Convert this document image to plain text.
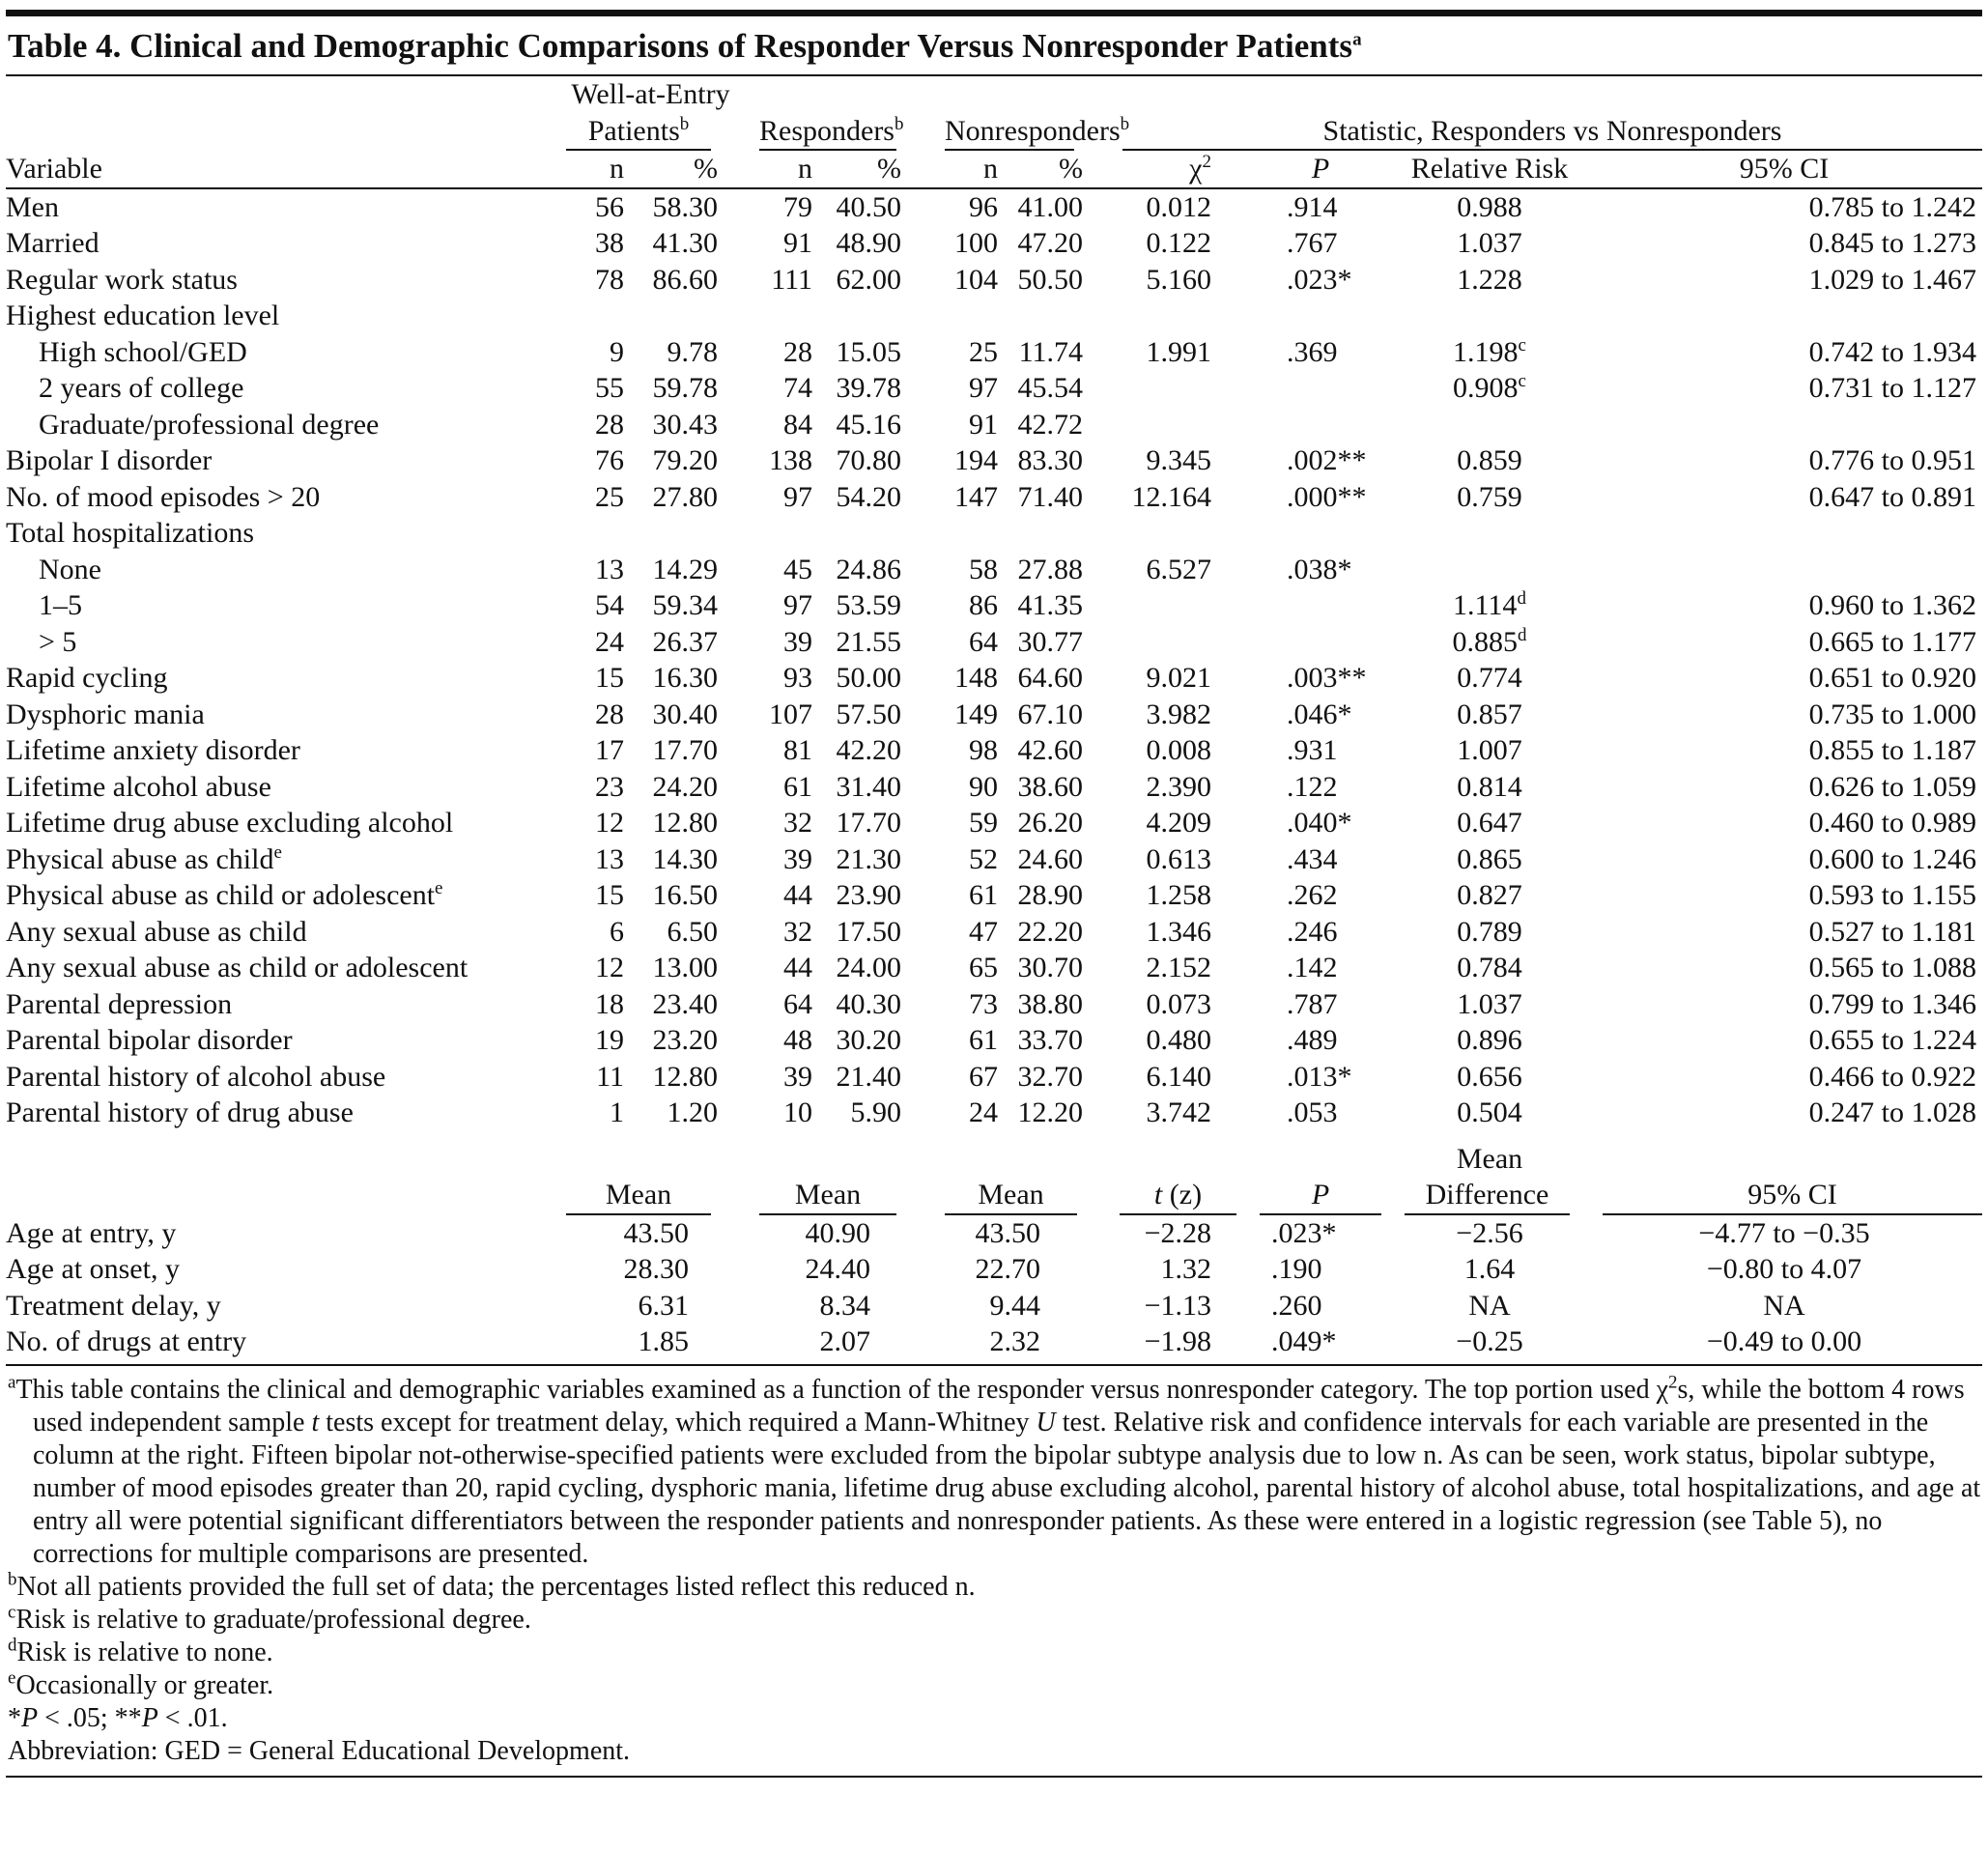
Table 4. Clinical and Demographic Comparisons of Responder Versus Nonresponder Patients$^a$
	Well-at-Entry									
	Patients$^b$		Responders$^b$		Nonresponders$^b$		Statistic, Responders vs Nonresponders			
Variable	n	%	n	%	n	%	$\chi^2$	P	Relative Risk	95% CI
Men	56	58.30	79	40.50	96	41.00	0.012	.914	0.988	0.785 to 1.242
Married	38	41.30	91	48.90	100	47.20	0.122	.767	1.037	0.845 to 1.273
Regular work status	78	86.60	111	62.00	104	50.50	5.160	.023*	1.228	1.029 to 1.467
Highest education level										
High school/GED	9	9.78	28	15.05	25	11.74	1.991	.369	1.198$^c$	0.742 to 1.934
2 years of college	55	59.78	74	39.78	97	45.54			0.908$^c$	0.731 to 1.127
Graduate/professional degree	28	30.43	84	45.16	91	42.72				
Bipolar I disorder	76	79.20	138	70.80	194	83.30	9.345	.002**	0.859	0.776 to 0.951
No. of mood episodes > 20	25	27.80	97	54.20	147	71.40	12.164	.000**	0.759	0.647 to 0.891
Total hospitalizations										
None	13	14.29	45	24.86	58	27.88	6.527	.038*		
1–5	54	59.34	97	53.59	86	41.35			1.114$^d$	0.960 to 1.362
> 5	24	26.37	39	21.55	64	30.77			0.885$^d$	0.665 to 1.177
Rapid cycling	15	16.30	93	50.00	148	64.60	9.021	.003**	0.774	0.651 to 0.920
Dysphoric mania	28	30.40	107	57.50	149	67.10	3.982	.046*	0.857	0.735 to 1.000
Lifetime anxiety disorder	17	17.70	81	42.20	98	42.60	0.008	.931	1.007	0.855 to 1.187
Lifetime alcohol abuse	23	24.20	61	31.40	90	38.60	2.390	.122	0.814	0.626 to 1.059
Lifetime drug abuse excluding alcohol	12	12.80	32	17.70	59	26.20	4.209	.040*	0.647	0.460 to 0.989
Physical abuse as child$^e$	13	14.30	39	21.30	52	24.60	0.613	.434	0.865	0.600 to 1.246
Physical abuse as child or adolescent$^e$	15	16.50	44	23.90	61	28.90	1.258	.262	0.827	0.593 to 1.155
Any sexual abuse as child	6	6.50	32	17.50	47	22.20	1.346	.246	0.789	0.527 to 1.181
Any sexual abuse as child or adolescent	12	13.00	44	24.00	65	30.70	2.152	.142	0.784	0.565 to 1.088
Parental depression	18	23.40	64	40.30	73	38.80	0.073	.787	1.037	0.799 to 1.346
Parental bipolar disorder	19	23.20	48	30.20	61	33.70	0.480	.489	0.896	0.655 to 1.224
Parental history of alcohol abuse	11	12.80	39	21.40	67	32.70	6.140	.013*	0.656	0.466 to 0.922
Parental history of drug abuse	1	1.20	10	5.90	24	12.20	3.742	.053	0.504	0.247 to 1.028

									Mean	
	Mean		Mean		Mean		t (z)	P	Difference	95% CI
Age at entry, y	43.50		40.90		43.50		−2.28	.023*	−2.56	−4.77 to −0.35
Age at onset, y	28.30		24.40		22.70		1.32	.190	1.64	−0.80 to 4.07
Treatment delay, y	6.31		8.34		9.44		−1.13	.260	NA	NA
No. of drugs at entry	1.85		2.07		2.32		−1.98	.049*	−0.25	−0.49 to 0.00

$^a$This table contains the clinical and demographic variables examined as a function of the responder versus nonresponder category. The top portion used $\chi^2s$, while the bottom 4 rows used independent sample t tests except for treatment delay, which required a Mann-Whitney U test. Relative risk and confidence intervals for each variable are presented in the column at the right. Fifteen bipolar not-otherwise-specified patients were excluded from the bipolar subtype analysis due to low n. As can be seen, work status, bipolar subtype, number of mood episodes greater than 20, rapid cycling, dysphoric mania, lifetime drug abuse excluding alcohol, parental history of alcohol abuse, total hospitalizations, and age at entry all were potential significant differentiators between the responder patients and nonresponder patients. As these were entered in a logistic regression (see Table 5), no corrections for multiple comparisons are presented.

$^b$Not all patients provided the full set of data; the percentages listed reflect this reduced n.

$^c$Risk is relative to graduate/professional degree.

$^d$Risk is relative to none.

$^e$Occasionally or greater.

*P < .05; **P < .01.

Abbreviation: GED = General Educational Development.
